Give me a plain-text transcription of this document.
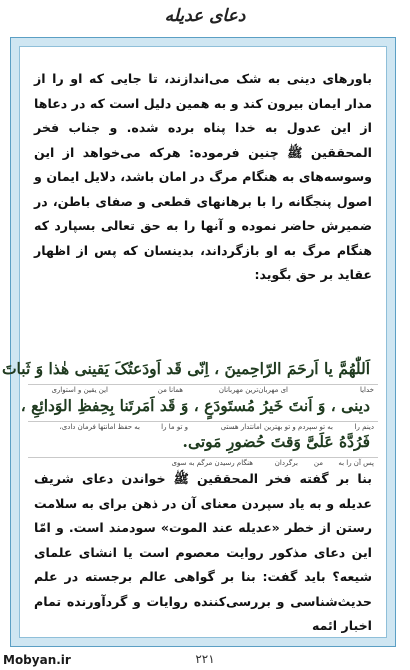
دعای عدیله
باورهای دینی به شک می‌اندازند، تا جایی که او را از مدار ایمان بیرون کند و به همین دلیل است که در دعاها از این عدول به خدا پناه برده شده. و جناب فخر المحققین ﷺ چنین فرموده: هرکه می‌خواهد از این وسوسه‌های به هنگام مرگ در امان باشد، دلایل ایمان و اصول پنجگانه را با برهانهای قطعی و صفای باطن، در ضمیرش حاضر نموده و آنها را به حق تعالی بسپارد که هنگام مرگ به او بازگرداند، بدینسان که پس از اظهار عقاید بر حق بگوید:
اَللّٰهُمَّ یا اَرحَمَ الرّاحِمینَ ، اِنّی قَد اَودَعتُکَ یَقینی هٰذا وَ ثَباتَ
خدایا
ای مهربان‌ترین مهربانان
همانا من
این یقین و استواری
دینی ، وَ اَنتَ خَیرُ مُستَودَعٍ ، وَ قَد اَمَرتَنا بِحِفظِ الوَدائِعِ ،
دینم را
به تو سپردم و تو بهترین امانتدار هستی
و تو ما را
به حفظ امانتها فرمان دادی،
فَرُدَّهُ عَلَیَّ وَقتَ حُضورِ مَوتی.
پس آن را به
من
برگردان
هنگام رسیدن مرگم به سوی
بنا بر گفته فخر المحققین ﷺ خواندن دعای شریف عدیله و به یاد سپردن معنای آن در ذهن برای به سلامت رستن از خطر «عدیله عند الموت» سودمند است. و امّا این دعای مذکور روایت معصوم است یا انشای علمای شیعه؟ باید گفت: بنا بر گواهی عالم برجسته در علم حدیث‌شناسی و بررسی‌کننده روایات و گردآورنده تمام اخبار ائمه
Mobyan.ir	۲۲۱
